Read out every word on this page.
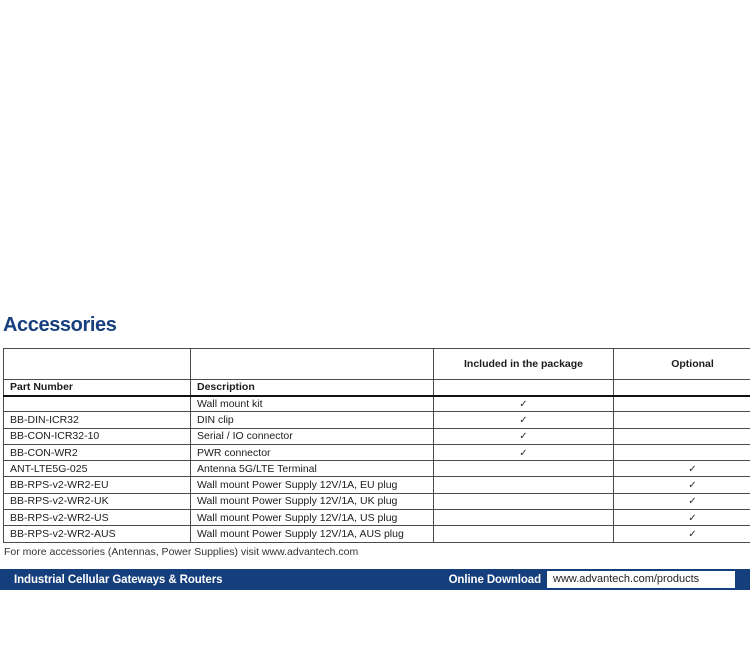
Accessories
		Included in the package	Optional
Part Number	Description		
	Wall mount kit	✓	
BB-DIN-ICR32	DIN clip	✓	
BB-CON-ICR32-10	Serial / IO connector	✓	
BB-CON-WR2	PWR connector	✓	
ANT-LTE5G-025	Antenna 5G/LTE Terminal		✓
BB-RPS-v2-WR2-EU	Wall mount Power Supply 12V/1A, EU plug		✓
BB-RPS-v2-WR2-UK	Wall mount Power Supply 12V/1A, UK plug		✓
BB-RPS-v2-WR2-US	Wall mount Power Supply 12V/1A, US plug		✓
BB-RPS-v2-WR2-AUS	Wall mount Power Supply 12V/1A, AUS plug		✓

For more accessories (Antennas, Power Supplies) visit www.advantech.com

Industrial Cellular Gateways & Routers	Online Download	www.advantech.com/products
